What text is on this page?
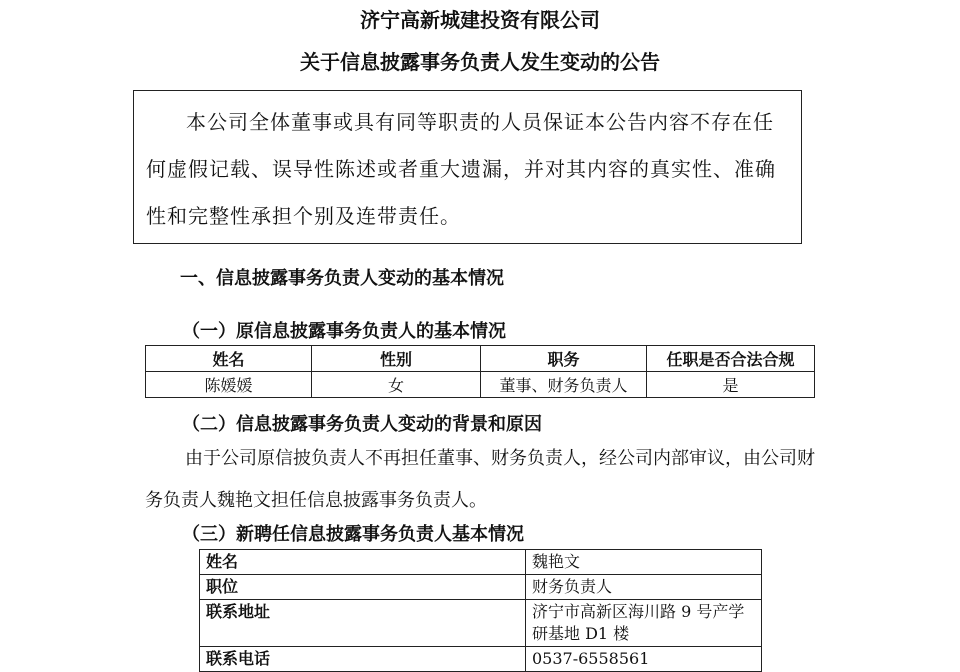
济宁高新城建投资有限公司
关于信息披露事务负责人发生变动的公告

本公司全体董事或具有同等职责的人员保证本公告内容不存在任何虚假记载、误导性陈述或者重大遗漏，并对其内容的真实性、准确性和完整性承担个别及连带责任。

一、信息披露事务负责人变动的基本情况
（一）原信息披露事务负责人的基本情况
姓名	性别	职务	任职是否合法合规
陈媛媛	女	董事、财务负责人	是
（二）信息披露事务负责人变动的背景和原因

由于公司原信披负责人不再担任董事、财务负责人，经公司内部审议，由公司财务负责人魏艳文担任信息披露事务负责人。

（三）新聘任信息披露事务负责人基本情况
姓名	魏艳文
职位	财务负责人
联系地址	济宁市高新区海川路 9 号产学研基地 D1 楼
联系电话	0537-6558561
